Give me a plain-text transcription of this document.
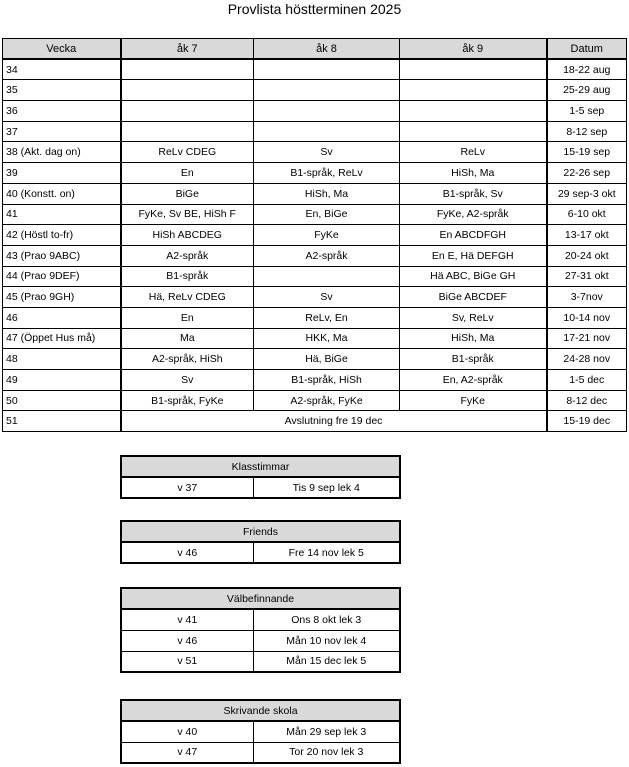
Provlista höstterminen 2025
Vecka	åk 7	åk 8	åk 9	Datum
34				18-22 aug
35				25-29 aug
36				1-5 sep
37				8-12 sep
38 (Akt. dag on)	ReLv CDEG	Sv	ReLv	15-19 sep
39	En	B1-språk, ReLv	HiSh, Ma	22-26 sep
40 (Konstt. on)	BiGe	HiSh, Ma	B1-språk, Sv	29 sep-3 okt
41	FyKe, Sv BE, HiSh F	En, BiGe	FyKe, A2-språk	6-10 okt
42 (Höstl to-fr)	HiSh ABCDEG	FyKe	En ABCDFGH	13-17 okt
43 (Prao 9ABC)	A2-språk	A2-språk	En E, Hä DEFGH	20-24 okt
44 (Prao 9DEF)	B1-språk		Hä ABC, BiGe GH	27-31 okt
45 (Prao 9GH)	Hä, ReLv CDEG	Sv	BiGe ABCDEF	3-7nov
46	En	ReLv, En	Sv, ReLv	10-14 nov
47 (Öppet Hus må)	Ma	HKK, Ma	HiSh, Ma	17-21 nov
48	A2-språk, HiSh	Hä, BiGe	B1-språk	24-28 nov
49	Sv	B1-språk, HiSh	En, A2-språk	1-5 dec
50	B1-språk, FyKe	A2-språk, FyKe	FyKe	8-12 dec
51	Avslutning fre 19 dec			15-19 dec
Klasstimmar
v 37	Tis 9 sep lek 4
Friends
v 46	Fre 14 nov lek 5
Välbefinnande	
v 41	Ons 8 okt lek 3
v 46	Mån 10 nov lek 4
v 51	Mån 15 dec lek 5
Skrivande skola	
v 40	Mån 29 sep lek 3
v 47	Tor 20 nov lek 3
